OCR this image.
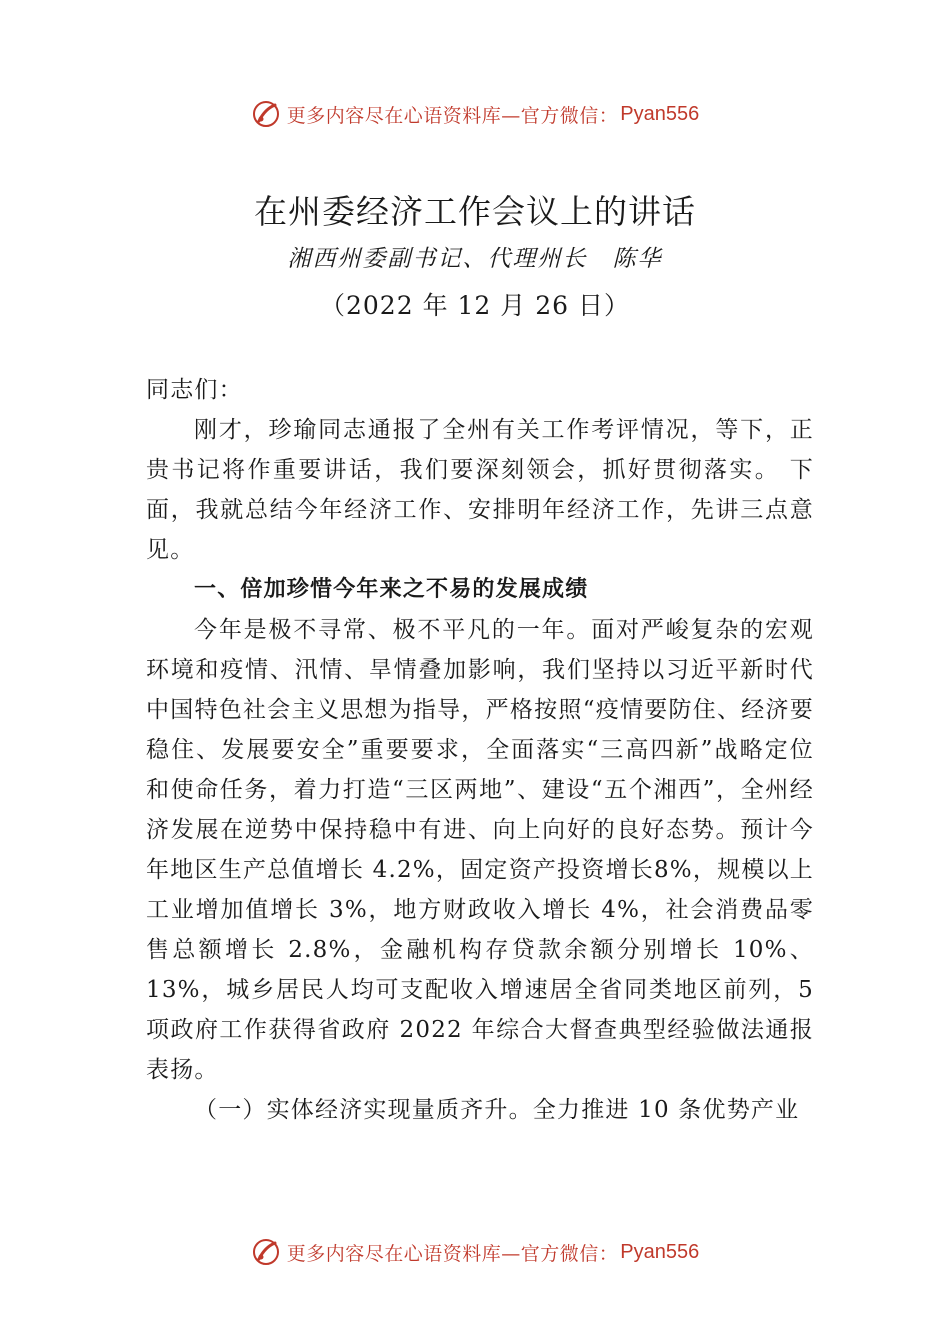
更多内容尽在心语资料库—官方微信： Pyan556
在州委经济工作会议上的讲话
湘西州委副书记、代理州长　陈华
（2022 年 12 月 26 日）

同志们：

刚才，珍瑜同志通报了全州有关工作考评情况，等下，正贵书记将作重要讲话，我们要深刻领会，抓好贯彻落实。 下面，我就总结今年经济工作、安排明年经济工作，先讲三点意见。

一、倍加珍惜今年来之不易的发展成绩

今年是极不寻常、极不平凡的一年。面对严峻复杂的宏观环境和疫情、汛情、旱情叠加影响，我们坚持以习近平新时代中国特色社会主义思想为指导，严格按照“疫情要防住、经济要稳住、发展要安全”重要要求，全面落实“三高四新”战略定位和使命任务，着力打造“三区两地”、建设“五个湘西”，全州经济发展在逆势中保持稳中有进、向上向好的良好态势。预计今年地区生产总值增长 4.2%，固定资产投资增长8%，规模以上工业增加值增长 3%，地方财政收入增长 4%，社会消费品零售总额增长 2.8%，金融机构存贷款余额分别增长 10%、13%，城乡居民人均可支配收入增速居全省同类地区前列，5 项政府工作获得省政府 2022 年综合大督查典型经验做法通报表扬。

（一）实体经济实现量质齐升。全力推进 10 条优势产业

更多内容尽在心语资料库—官方微信： Pyan556
